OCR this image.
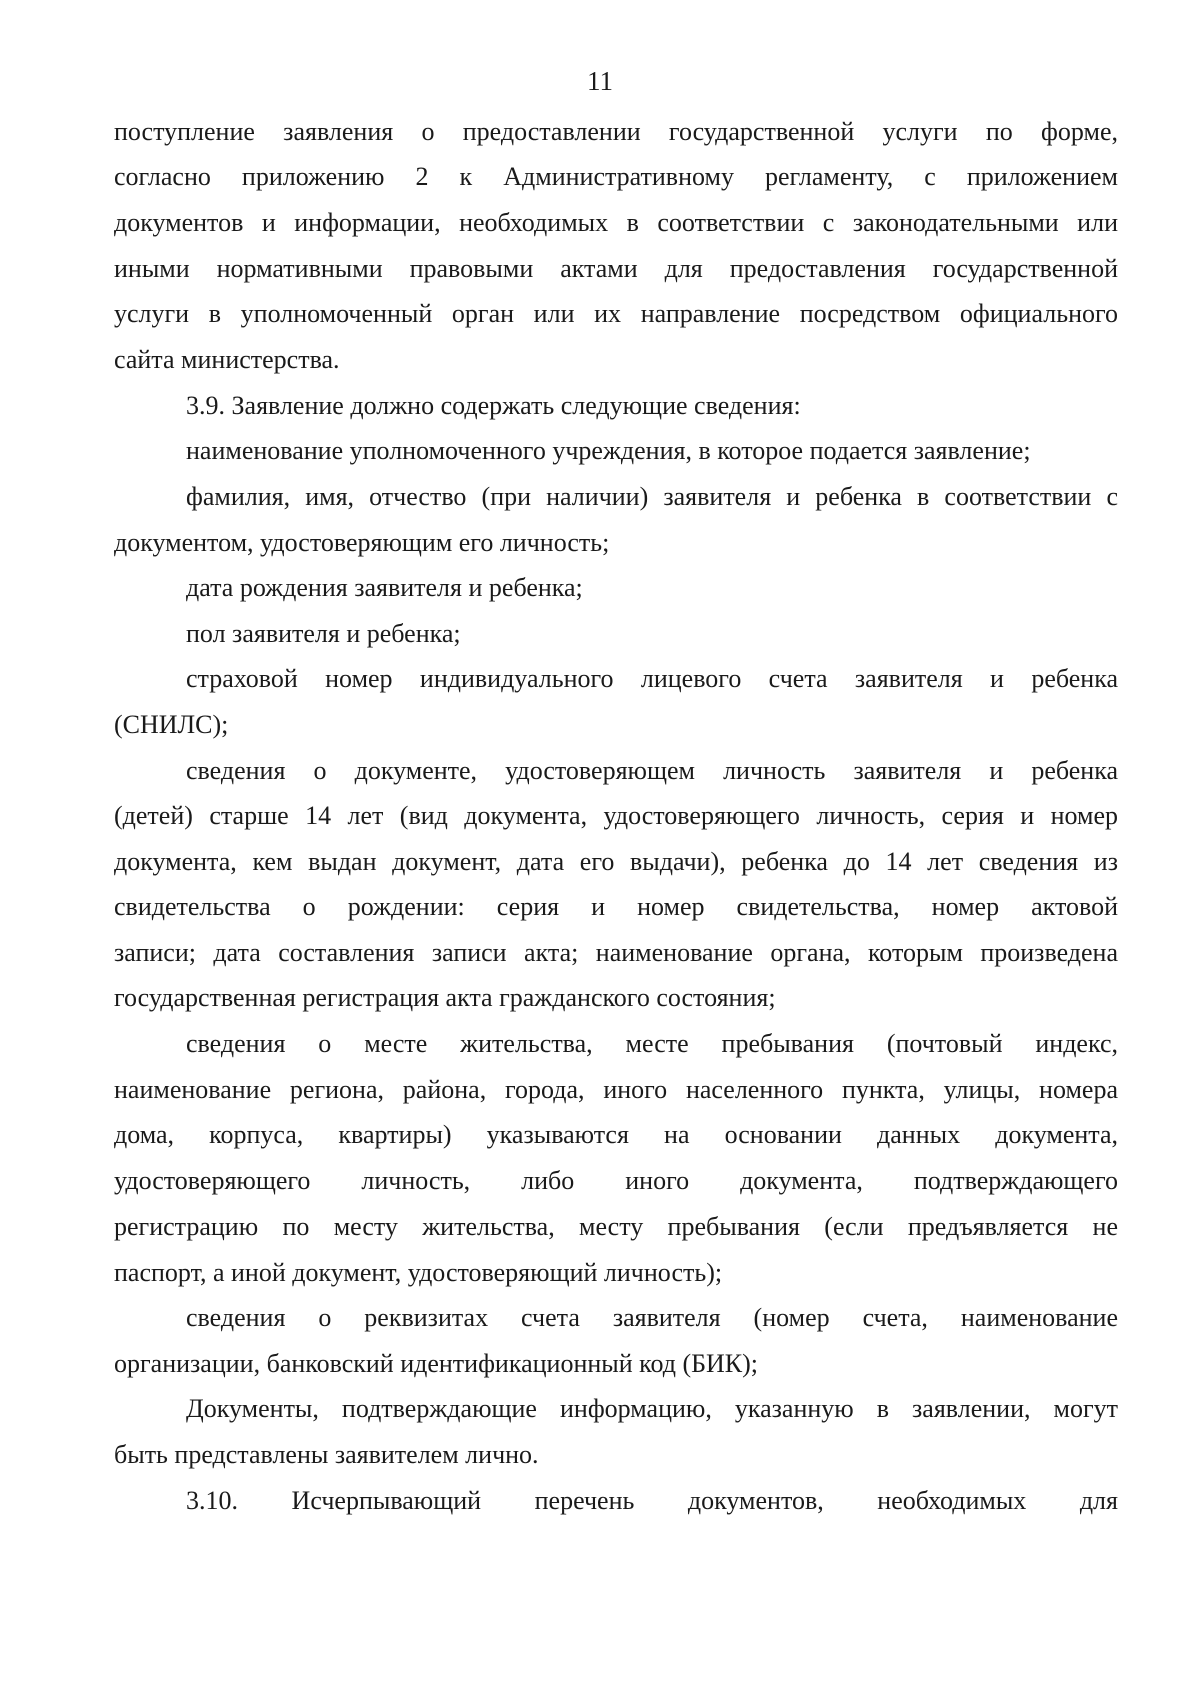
11
поступление заявления о предоставлении государственной услуги по форме,
согласно приложению 2 к Административному регламенту, с приложением
документов и информации, необходимых в соответствии с законодательными или
иными нормативными правовыми актами для предоставления государственной
услуги в уполномоченный орган или их направление посредством официального
сайта министерства.
3.9. Заявление должно содержать следующие сведения:
наименование уполномоченного учреждения, в которое подается заявление;
фамилия, имя, отчество (при наличии) заявителя и ребенка в соответствии с
документом, удостоверяющим его личность;
дата рождения заявителя и ребенка;
пол заявителя и ребенка;
страховой номер индивидуального лицевого счета заявителя и ребенка
(СНИЛС);
сведения о документе, удостоверяющем личность заявителя и ребенка
(детей) старше 14 лет (вид документа, удостоверяющего личность, серия и номер
документа, кем выдан документ, дата его выдачи), ребенка до 14 лет сведения из
свидетельства о рождении: серия и номер свидетельства, номер актовой
записи; дата составления записи акта; наименование органа, которым произведена
государственная регистрация акта гражданского состояния;
сведения о месте жительства, месте пребывания (почтовый индекс,
наименование региона, района, города, иного населенного пункта, улицы, номера
дома, корпуса, квартиры) указываются на основании данных документа,
удостоверяющего личность, либо иного документа, подтверждающего
регистрацию по месту жительства, месту пребывания (если предъявляется не
паспорт, а иной документ, удостоверяющий личность);
сведения о реквизитах счета заявителя (номер счета, наименование
организации, банковский идентификационный код (БИК);
Документы, подтверждающие информацию, указанную в заявлении, могут
быть представлены заявителем лично.
3.10. Исчерпывающий перечень документов, необходимых для
